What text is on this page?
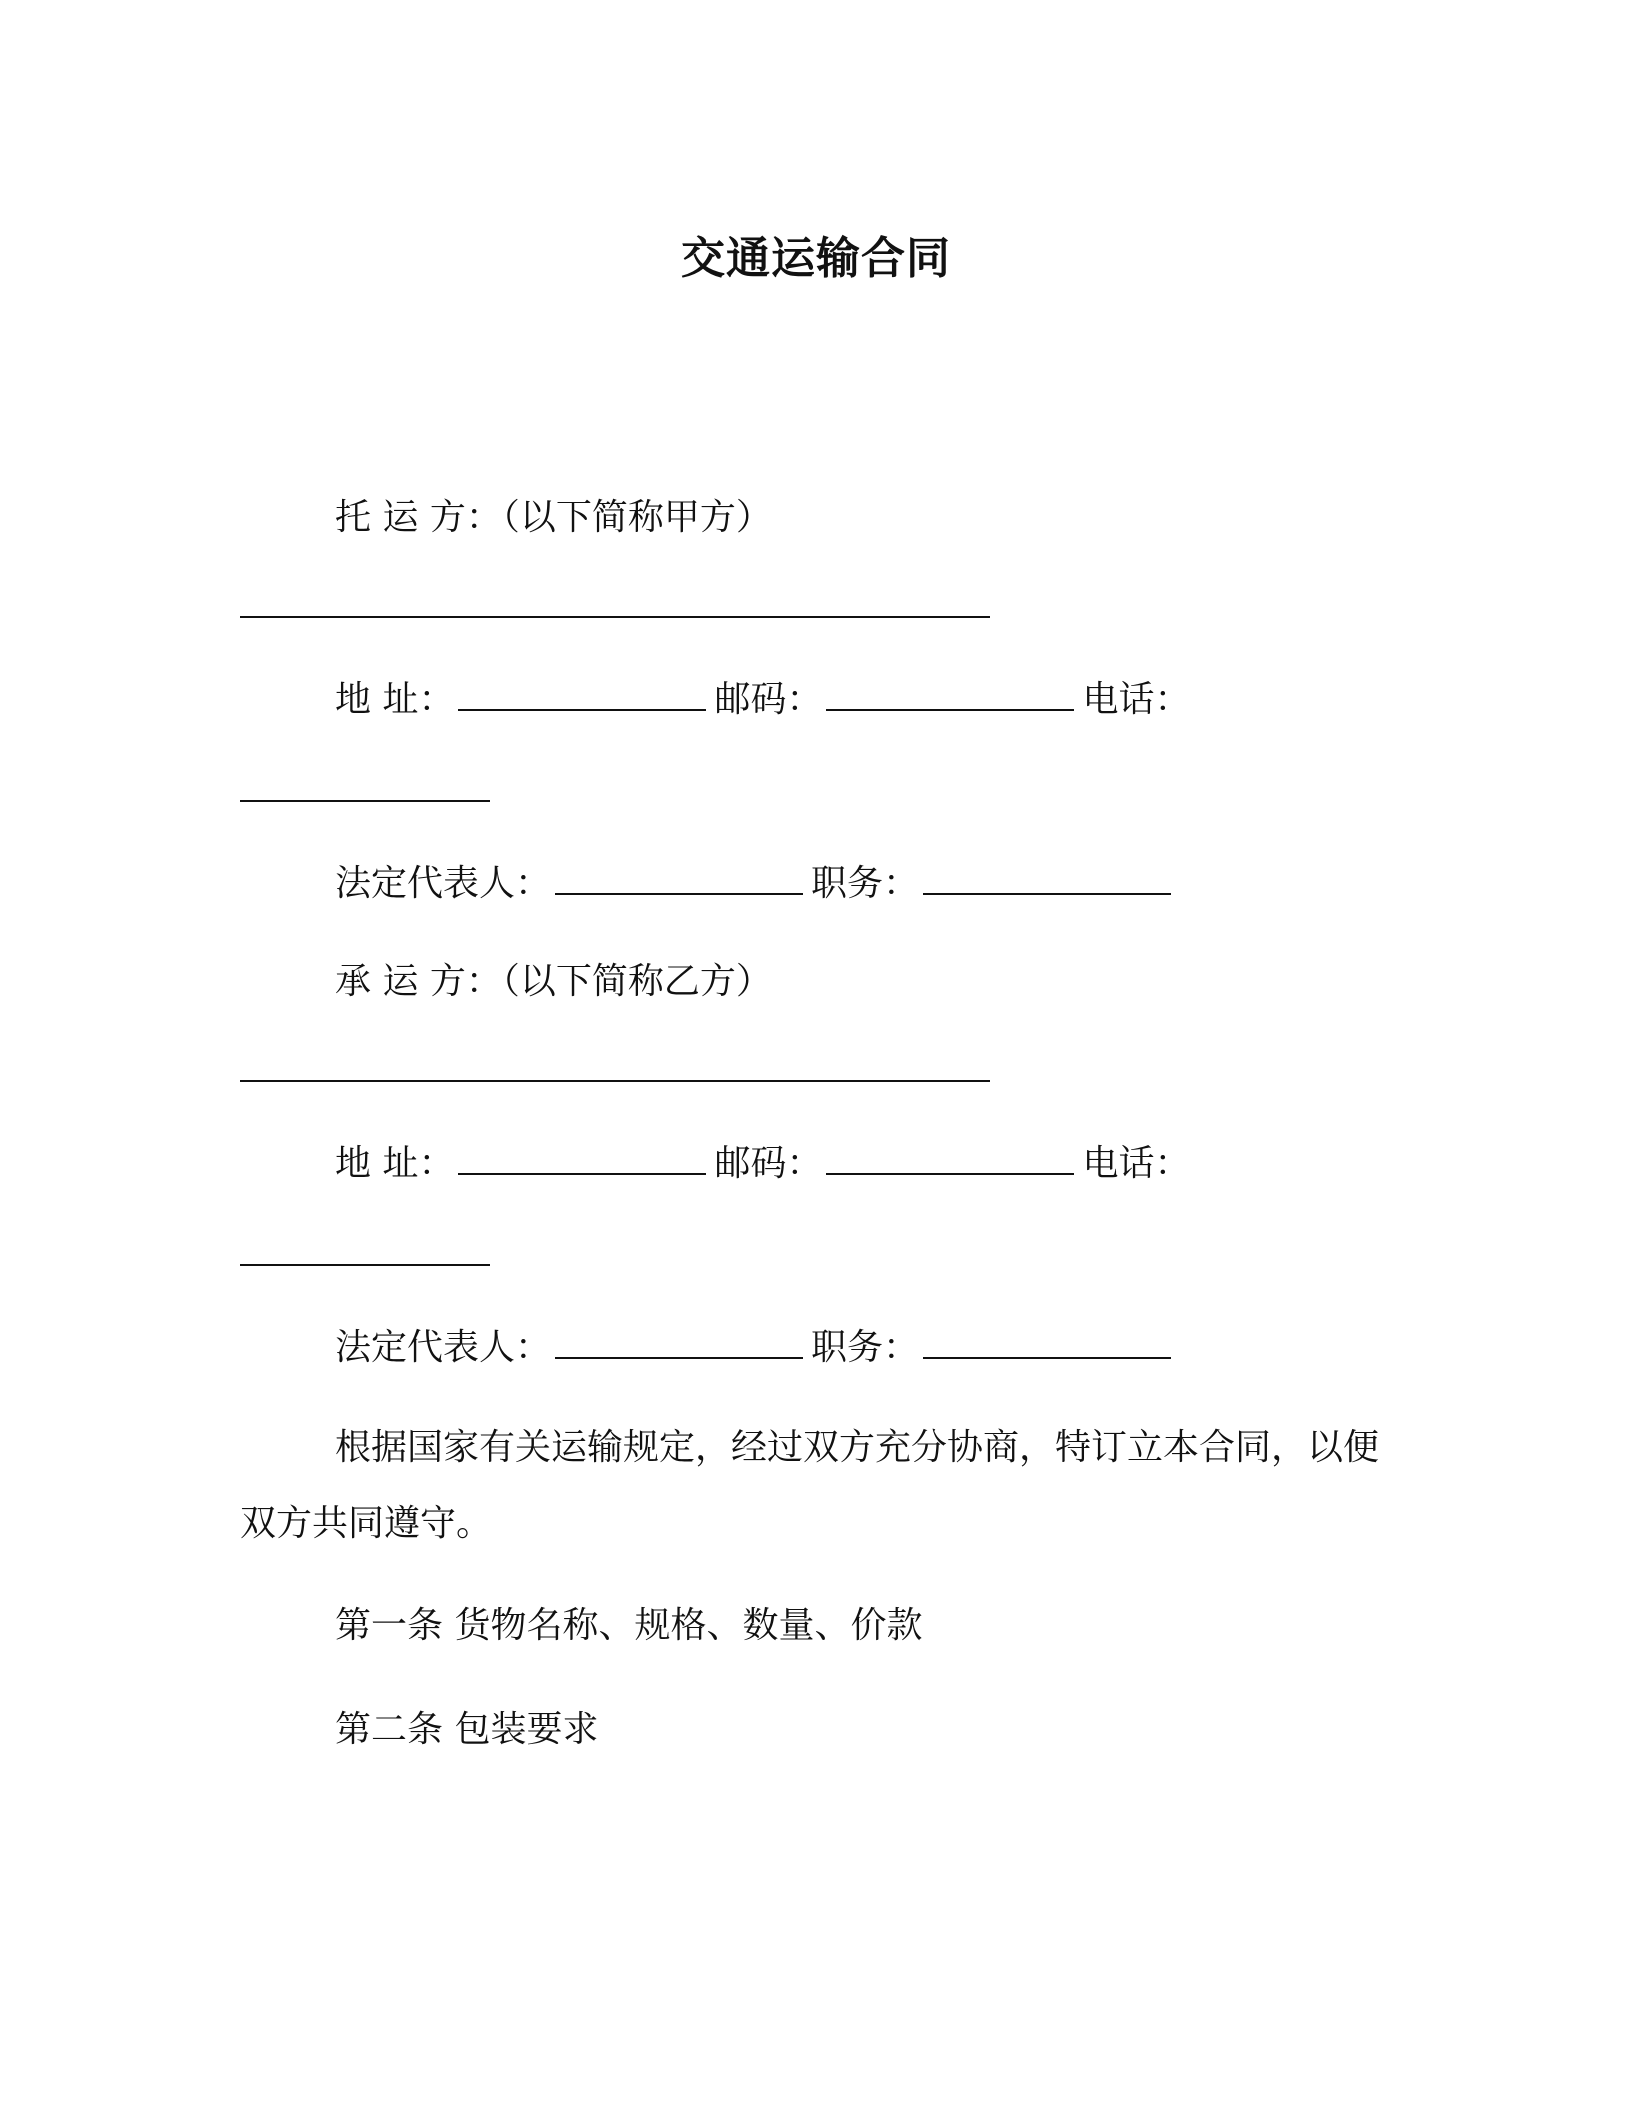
交通运输合同
托 运 方：（以下简称甲方）
地 址：	邮码：	电话：
法定代表人：	职务：
承 运 方：（以下简称乙方）
地 址：	邮码：	电话：
法定代表人：	职务：
根据国家有关运输规定，经过双方充分协商，特订立本合同，以便双方共同遵守。
第一条 货物名称、规格、数量、价款
第二条 包装要求
